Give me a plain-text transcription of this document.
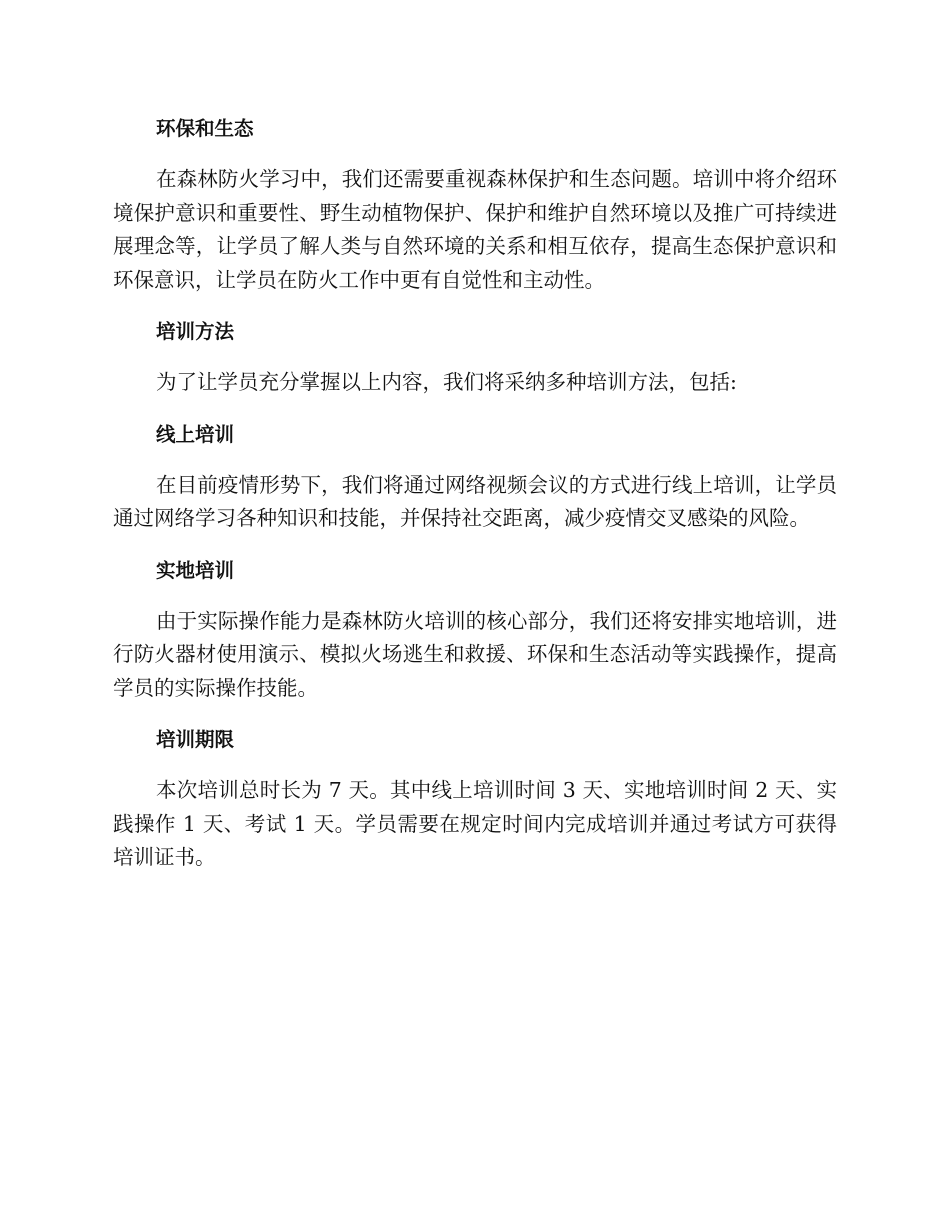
环保和生态

在森林防火学习中，我们还需要重视森林保护和生态问题。培训中将介绍环境保护意识和重要性、野生动植物保护、保护和维护自然环境以及推广可持续进展理念等，让学员了解人类与自然环境的关系和相互依存，提高生态保护意识和环保意识，让学员在防火工作中更有自觉性和主动性。

培训方法

为了让学员充分掌握以上内容，我们将采纳多种培训方法，包括:

线上培训

在目前疫情形势下，我们将通过网络视频会议的方式进行线上培训，让学员通过网络学习各种知识和技能，并保持社交距离，减少疫情交叉感染的风险。

实地培训

由于实际操作能力是森林防火培训的核心部分，我们还将安排实地培训，进行防火器材使用演示、模拟火场逃生和救援、环保和生态活动等实践操作，提高学员的实际操作技能。

培训期限

本次培训总时长为 7 天。其中线上培训时间 3 天、实地培训时间 2 天、实践操作 1 天、考试 1 天。学员需要在规定时间内完成培训并通过考试方可获得培训证书。
